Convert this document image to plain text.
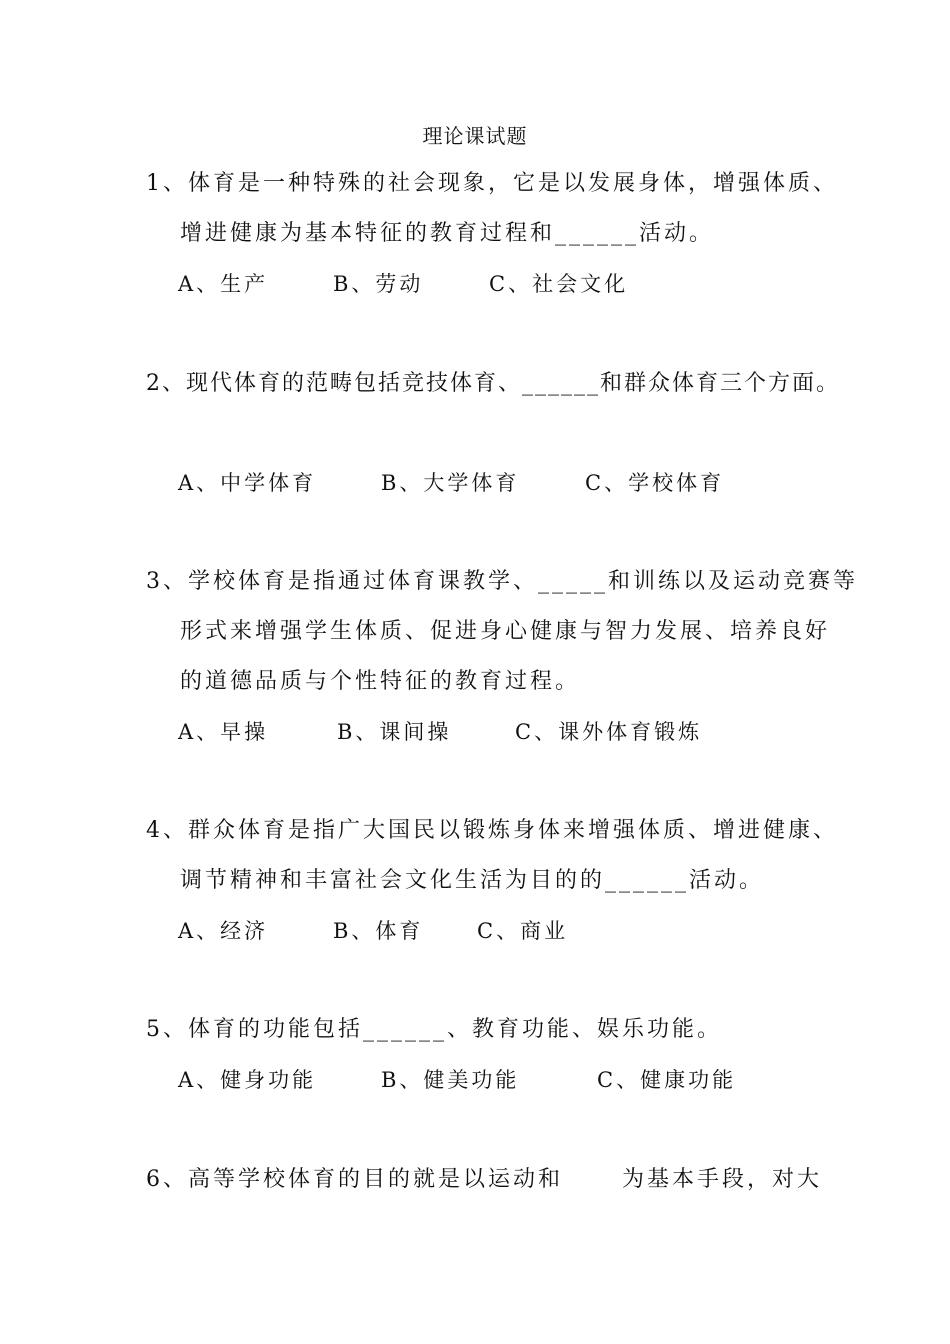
理论课试题
1、体育是一种特殊的社会现象，它是以发展身体，增强体质、
增进健康为基本特征的教育过程和______活动。
A、生产	B、劳动	C、社会文化
2、现代体育的范畴包括竞技体育、______和群众体育三个方面。
A、中学体育	B、大学体育	C、学校体育
3、学校体育是指通过体育课教学、_____和训练以及运动竞赛等
形式来增强学生体质、促进身心健康与智力发展、培养良好
的道德品质与个性特征的教育过程。
A、早操	B、课间操	C、课外体育锻炼
4、群众体育是指广大国民以锻炼身体来增强体质、增进健康、
调节精神和丰富社会文化生活为目的的______活动。
A、经济	B、体育	C、商业
5、体育的功能包括______、教育功能、娱乐功能。
A、健身功能	B、健美功能	C、健康功能
6、高等学校体育的目的就是以运动和	为基本手段，对大
